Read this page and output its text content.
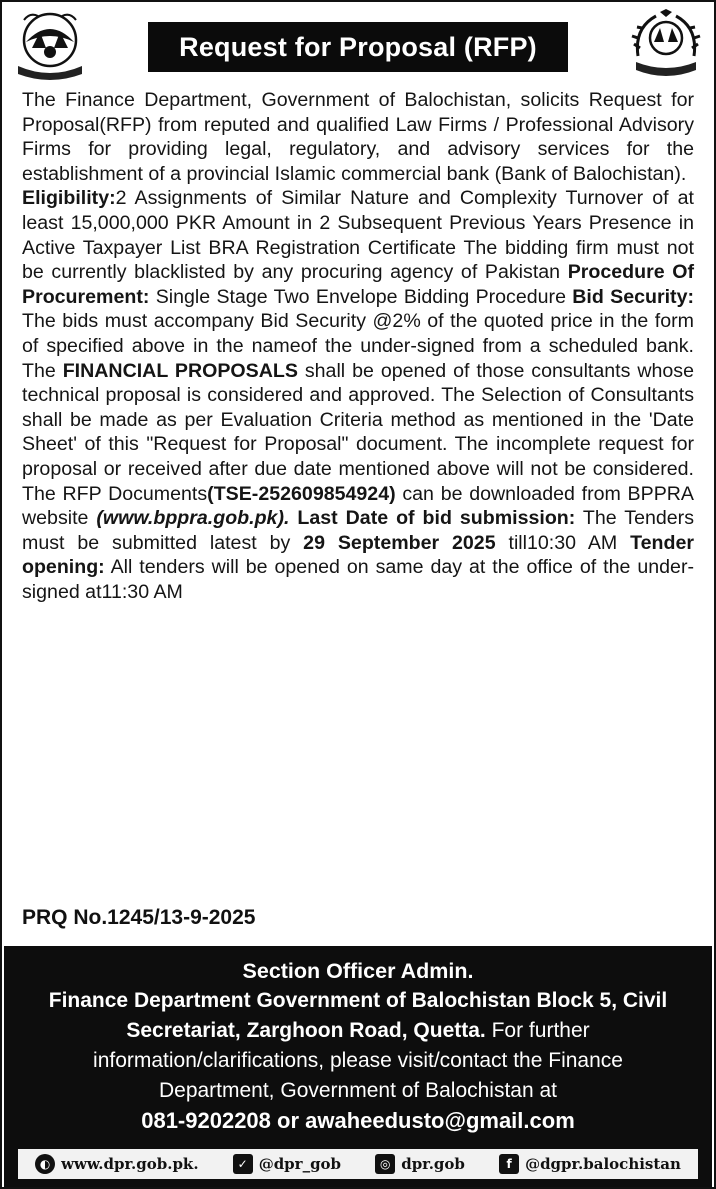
Request for Proposal (RFP)

The Finance Department, Government of Balochistan, solicits Request for Proposal(RFP) from reputed and qualified Law Firms / Professional Advisory Firms for providing legal, regulatory, and advisory services for the establishment of a provincial Islamic commercial bank (Bank of Balochistan).

Eligibility:2 Assignments of Similar Nature and Complexity Turnover of at least 15,000,000 PKR Amount in 2 Subsequent Previous Years Presence in Active Taxpayer List BRA Registration Certificate The bidding firm must not be currently blacklisted by any procuring agency of Pakistan Procedure Of Procurement: Single Stage Two Envelope Bidding Procedure Bid Security: The bids must accompany Bid Security @2% of the quoted price in the form of specified above in the nameof the under-signed from a scheduled bank. The FINANCIAL PROPOSALS shall be opened of those consultants whose technical proposal is considered and approved. The Selection of Consultants shall be made as per Evaluation Criteria method as mentioned in the 'Date Sheet' of this "Request for Proposal" document. The incomplete request for proposal or received after due date mentioned above will not be considered. The RFP Documents(TSE-252609854924) can be downloaded from BPPRA website (www.bppra.gob.pk). Last Date of bid submission: The Tenders must be submitted latest by 29 September 2025 till10:30 AM Tender opening: All tenders will be opened on same day at the office of the under-signed at11:30 AM

PRQ No.1245/13-9-2025
Section Officer Admin.
Finance Department Government of Balochistan Block 5, Civil
Secretariat, Zarghoon Road, Quetta. For further
information/clarifications, please visit/contact the Finance
Department, Government of Balochistan at
081-9202208 or awaheedusto@gmail.com
◐ www.dpr.gob.pk.	✓ @dpr_gob	◎ dpr.gob	f @dgpr.balochistan
